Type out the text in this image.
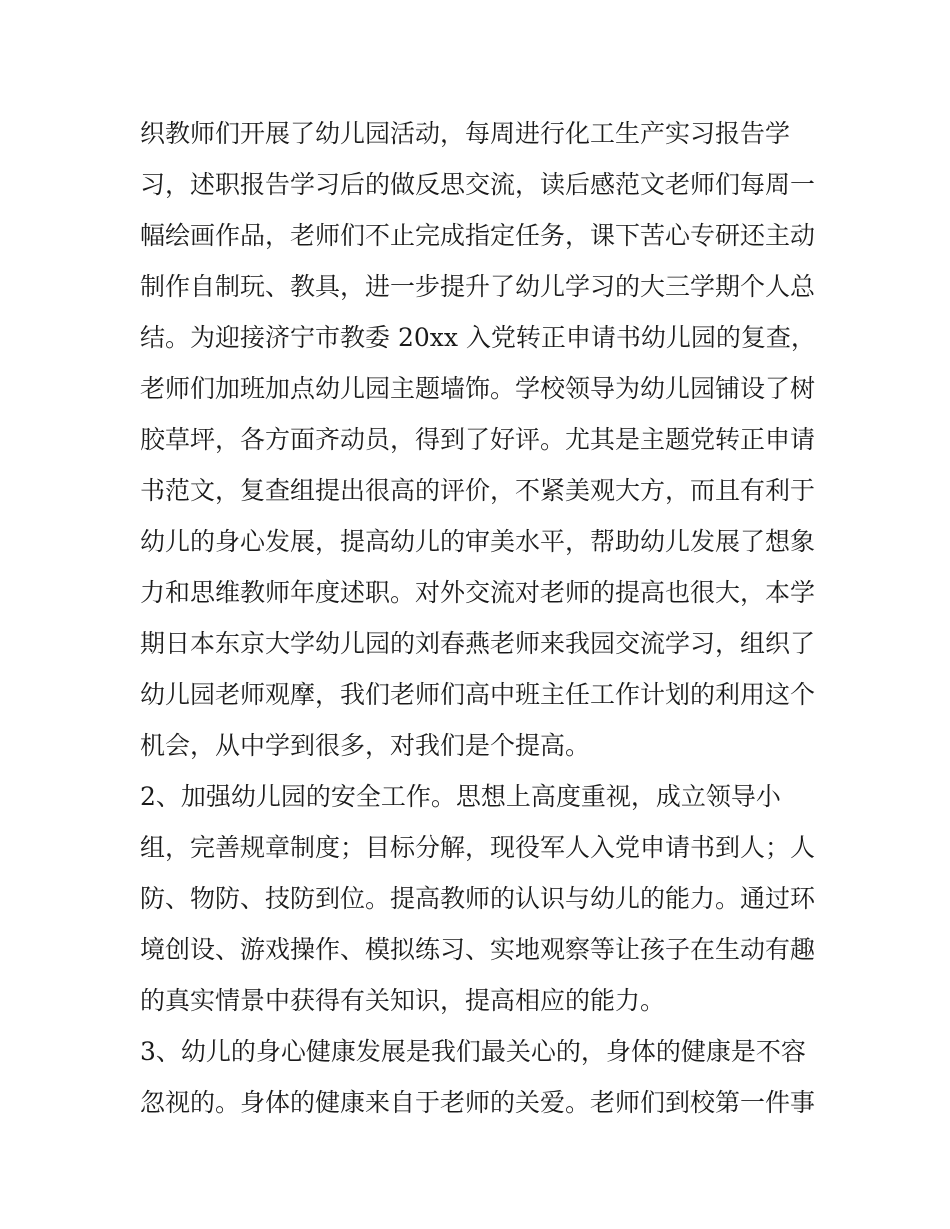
织教师们开展了幼儿园活动，每周进行化工生产实习报告学
习，述职报告学习后的做反思交流，读后感范文老师们每周一
幅绘画作品，老师们不止完成指定任务，课下苦心专研还主动
制作自制玩、教具，进一步提升了幼儿学习的大三学期个人总
结。为迎接济宁市教委 20xx 入党转正申请书幼儿园的复查，
老师们加班加点幼儿园主题墙饰。学校领导为幼儿园铺设了树
胶草坪，各方面齐动员，得到了好评。尤其是主题党转正申请
书范文，复查组提出很高的评价，不紧美观大方，而且有利于
幼儿的身心发展，提高幼儿的审美水平，帮助幼儿发展了想象
力和思维教师年度述职。对外交流对老师的提高也很大，本学
期日本东京大学幼儿园的刘春燕老师来我园交流学习，组织了
幼儿园老师观摩，我们老师们高中班主任工作计划的利用这个
机会，从中学到很多，对我们是个提高。
2、加强幼儿园的安全工作。思想上高度重视，成立领导小
组，完善规章制度；目标分解，现役军人入党申请书到人；人
防、物防、技防到位。提高教师的认识与幼儿的能力。通过环
境创设、游戏操作、模拟练习、实地观察等让孩子在生动有趣
的真实情景中获得有关知识，提高相应的能力。
3、幼儿的身心健康发展是我们最关心的，身体的健康是不容
忽视的。身体的健康来自于老师的关爱。老师们到校第一件事
